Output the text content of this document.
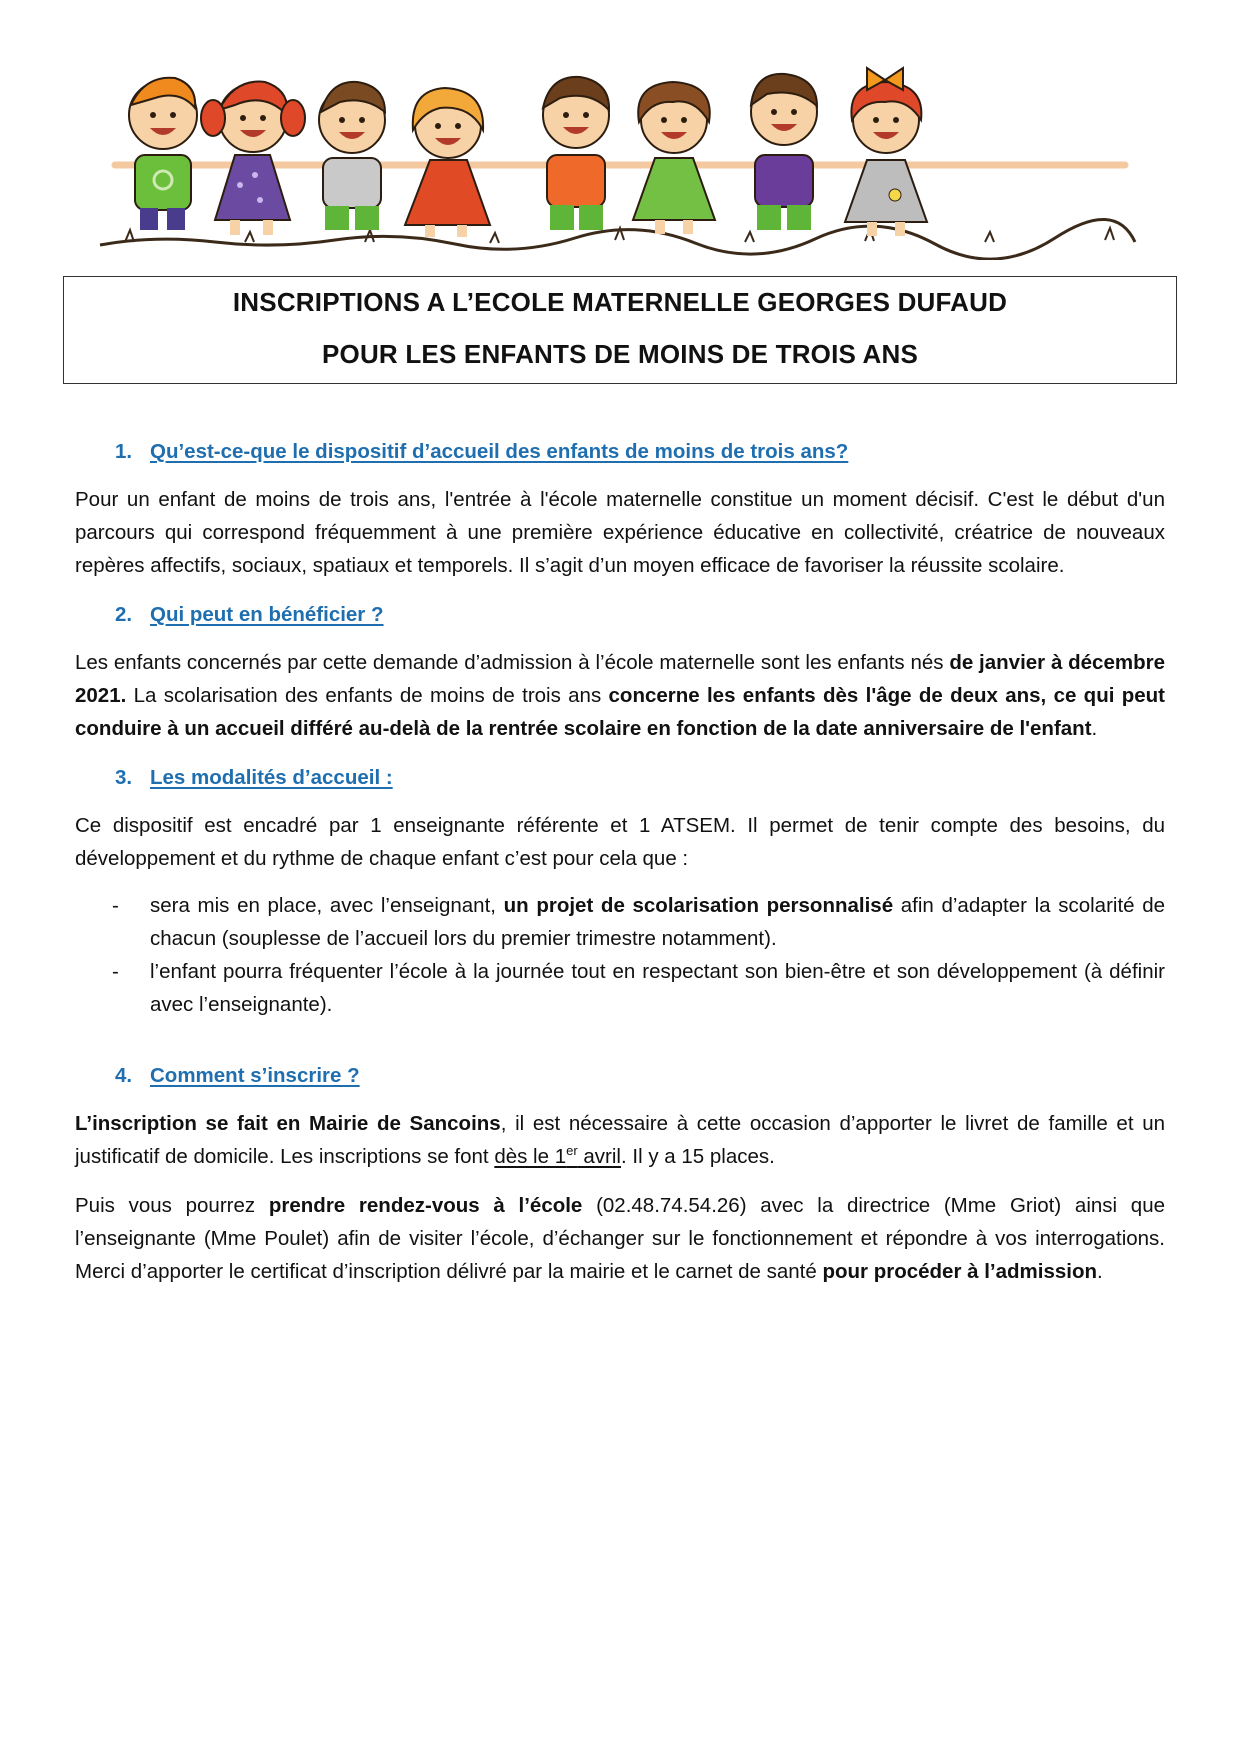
INSCRIPTIONS A L’ECOLE MATERNELLE GEORGES DUFAUD
POUR LES ENFANTS DE MOINS DE TROIS ANS
1. Qu’est-ce-que le dispositif d’accueil des enfants de moins de trois ans?

Pour un enfant de moins de trois ans, l'entrée à l'école maternelle constitue un moment décisif. C'est le début d'un parcours qui correspond fréquemment à une première expérience éducative en collectivité, créatrice de nouveaux repères affectifs, sociaux, spatiaux et temporels. Il s’agit d’un moyen efficace de favoriser la réussite scolaire.

2. Qui peut en bénéficier ?

Les enfants concernés par cette demande d’admission à l’école maternelle sont les enfants nés de janvier à décembre 2021. La scolarisation des enfants de moins de trois ans concerne les enfants dès l'âge de deux ans, ce qui peut conduire à un accueil différé au-delà de la rentrée scolaire en fonction de la date anniversaire de l'enfant.

3. Les modalités d’accueil :

Ce dispositif est encadré par 1 enseignante référente et 1 ATSEM. Il permet de tenir compte des besoins, du développement et du rythme de chaque enfant c’est pour cela que :

- sera mis en place, avec l’enseignant, un projet de scolarisation personnalisé afin d’adapter la scolarité de chacun (souplesse de l’accueil lors du premier trimestre notamment).
- l’enfant pourra fréquenter l’école à la journée tout en respectant son bien-être et son développement (à définir avec l’enseignante).
4. Comment s’inscrire ?

L’inscription se fait en Mairie de Sancoins, il est nécessaire à cette occasion d’apporter le livret de famille et un justificatif de domicile. Les inscriptions se font dès le 1er avril. Il y a 15 places.

Puis vous pourrez prendre rendez-vous à l’école (02.48.74.54.26) avec la directrice (Mme Griot) ainsi que l’enseignante (Mme Poulet) afin de visiter l’école, d’échanger sur le fonctionnement et répondre à vos interrogations. Merci d’apporter le certificat d’inscription délivré par la mairie et le carnet de santé pour procéder à l’admission.
